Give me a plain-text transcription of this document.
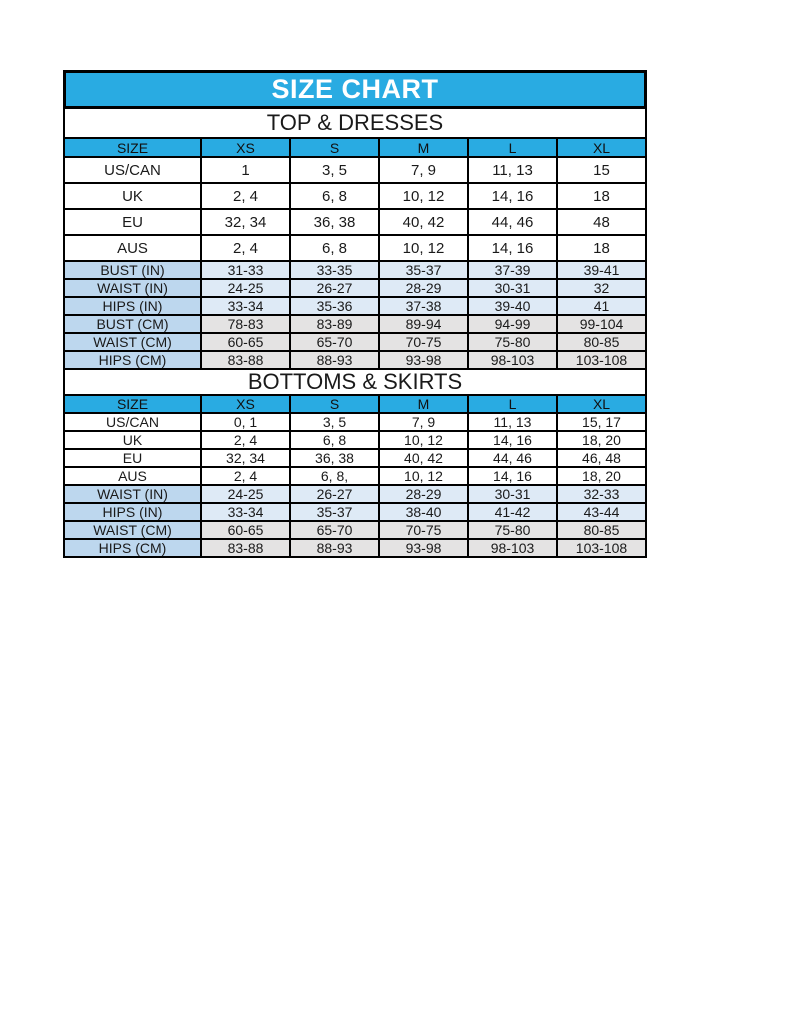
SIZE CHART
TOP & DRESSES
SIZE	XS	S	M	L	XL
US/CAN	1	3, 5	7, 9	11, 13	15
UK	2, 4	6, 8	10, 12	14, 16	18
EU	32, 34	36, 38	40, 42	44, 46	48
AUS	2, 4	6, 8	10, 12	14, 16	18
BUST (IN)	31-33	33-35	35-37	37-39	39-41
WAIST (IN)	24-25	26-27	28-29	30-31	32
HIPS (IN)	33-34	35-36	37-38	39-40	41
BUST (CM)	78-83	83-89	89-94	94-99	99-104
WAIST (CM)	60-65	65-70	70-75	75-80	80-85
HIPS (CM)	83-88	88-93	93-98	98-103	103-108
BOTTOMS & SKIRTS
SIZE	XS	S	M	L	XL
US/CAN	0, 1	3, 5	7, 9	11, 13	15, 17
UK	2, 4	6, 8	10, 12	14, 16	18, 20
EU	32, 34	36, 38	40, 42	44, 46	46, 48
AUS	2, 4	6, 8,	10, 12	14, 16	18, 20
WAIST (IN)	24-25	26-27	28-29	30-31	32-33
HIPS (IN)	33-34	35-37	38-40	41-42	43-44
WAIST (CM)	60-65	65-70	70-75	75-80	80-85
HIPS (CM)	83-88	88-93	93-98	98-103	103-108
